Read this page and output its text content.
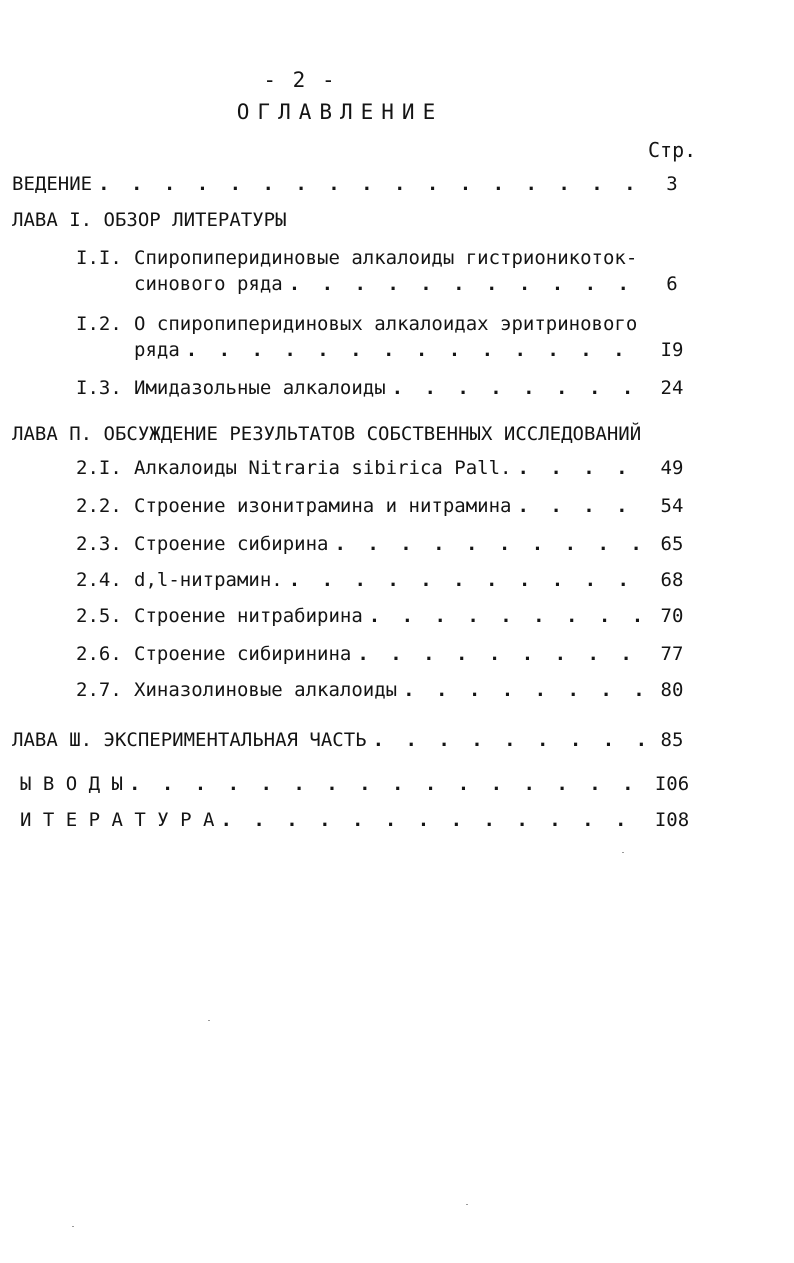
- 2 -
ОГЛАВЛЕНИЕ
Стр.
ВЕДЕНИЕ . . .	3
ЛАВА I. ОБЗОР ЛИТЕРАТУРЫ
I.I. Спиропиперидиновые алкалоиды гистрионикоток-
синового ряда . . .	6
I.2. О спиропиперидиновых алкалоидах эритринового
ряда . . .	I9
I.3. Имидазольные алкалоиды . . .	24
ЛАВА П. ОБСУЖДЕНИЕ РЕЗУЛЬТАТОВ СОБСТВЕННЫХ ИССЛЕДОВАНИЙ
2.I. Алкалоиды Nitraria sibirica Pall. . . .	49
2.2. Строение изонитрамина и нитрамина . . .	54
2.3. Строение сибирина . . .	65
2.4. d,l-нитрамин. . . .	68
2.5. Строение нитрабирина . . .	70
2.6. Строение сибиринина . . .	77
2.7. Хиназолиновые алкалоиды . . .	80
ЛАВА Ш. ЭКСПЕРИМЕНТАЛЬНАЯ ЧАСТЬ . . .	85
Ы В О Д Ы . . .	I06
И Т Е Р А Т У Р А . . .	I08
